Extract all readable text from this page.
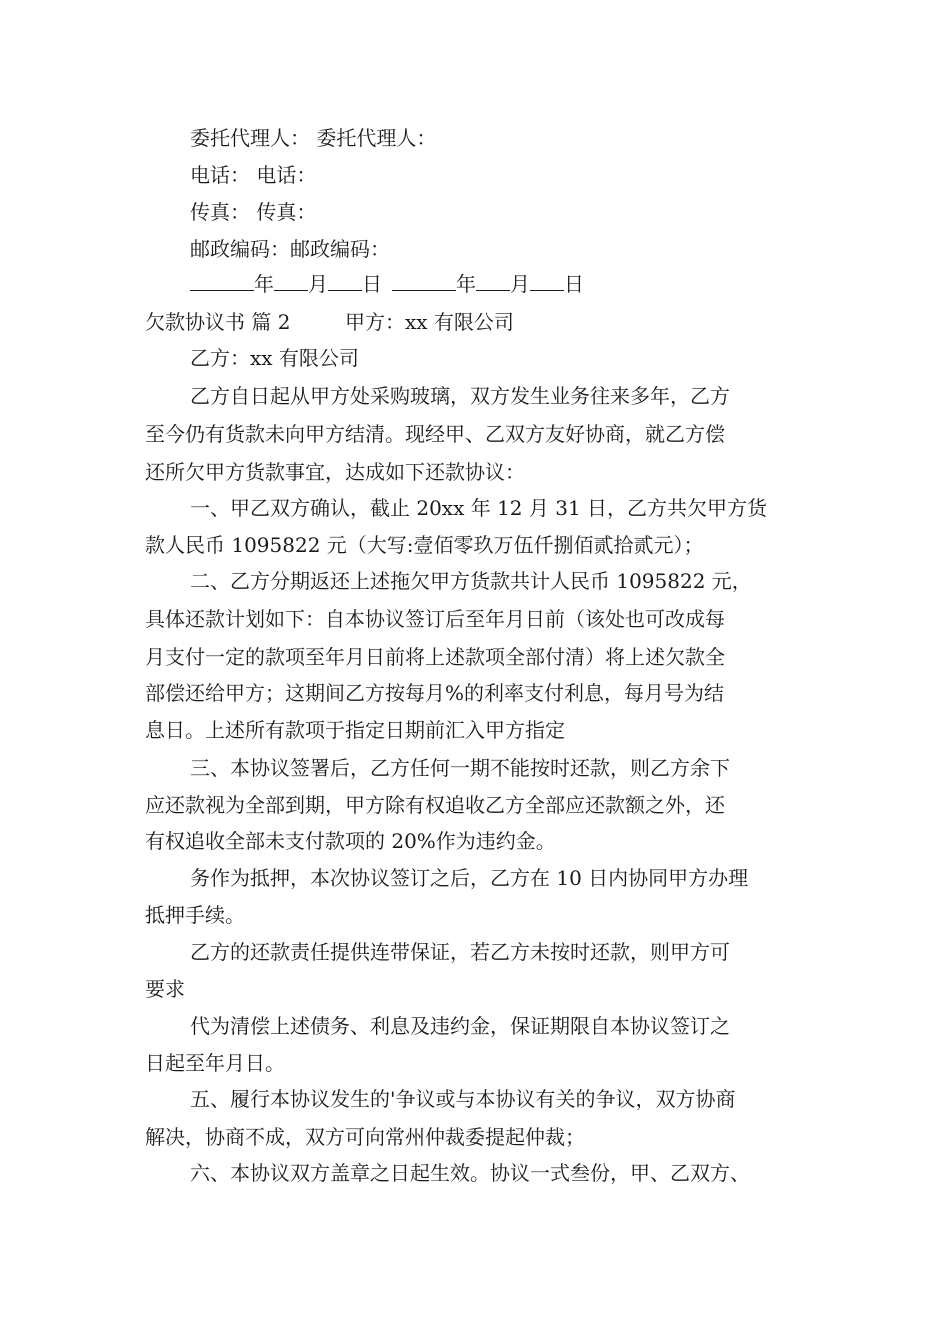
委托代理人： 委托代理人：
电话： 电话：
传真： 传真：
邮政编码：邮政编码：
年 月 日	年 月 日
欠款协议书 篇 2	甲方：xx 有限公司
乙方：xx 有限公司
乙方自日起从甲方处采购玻璃，双方发生业务往来多年，乙方
至今仍有货款未向甲方结清。现经甲、乙双方友好协商，就乙方偿
还所欠甲方货款事宜，达成如下还款协议：
一、甲乙双方确认，截止 20xx 年 12 月 31 日，乙方共欠甲方货
款人民币 1095822 元（大写:壹佰零玖万伍仟捌佰贰拾贰元）；
二、乙方分期返还上述拖欠甲方货款共计人民币 1095822 元，
具体还款计划如下：自本协议签订后至年月日前（该处也可改成每
月支付一定的款项至年月日前将上述款项全部付清）将上述欠款全
部偿还给甲方；这期间乙方按每月%的利率支付利息，每月号为结
息日。上述所有款项于指定日期前汇入甲方指定
三、本协议签署后，乙方任何一期不能按时还款，则乙方余下
应还款视为全部到期，甲方除有权追收乙方全部应还款额之外，还
有权追收全部未支付款项的 20%作为违约金。
务作为抵押，本次协议签订之后，乙方在 10 日内协同甲方办理
抵押手续。
乙方的还款责任提供连带保证，若乙方未按时还款，则甲方可
要求
代为清偿上述债务、利息及违约金，保证期限自本协议签订之
日起至年月日。
五、履行本协议发生的'争议或与本协议有关的争议，双方协商
解决，协商不成，双方可向常州仲裁委提起仲裁；
六、本协议双方盖章之日起生效。协议一式叁份，甲、乙双方、
